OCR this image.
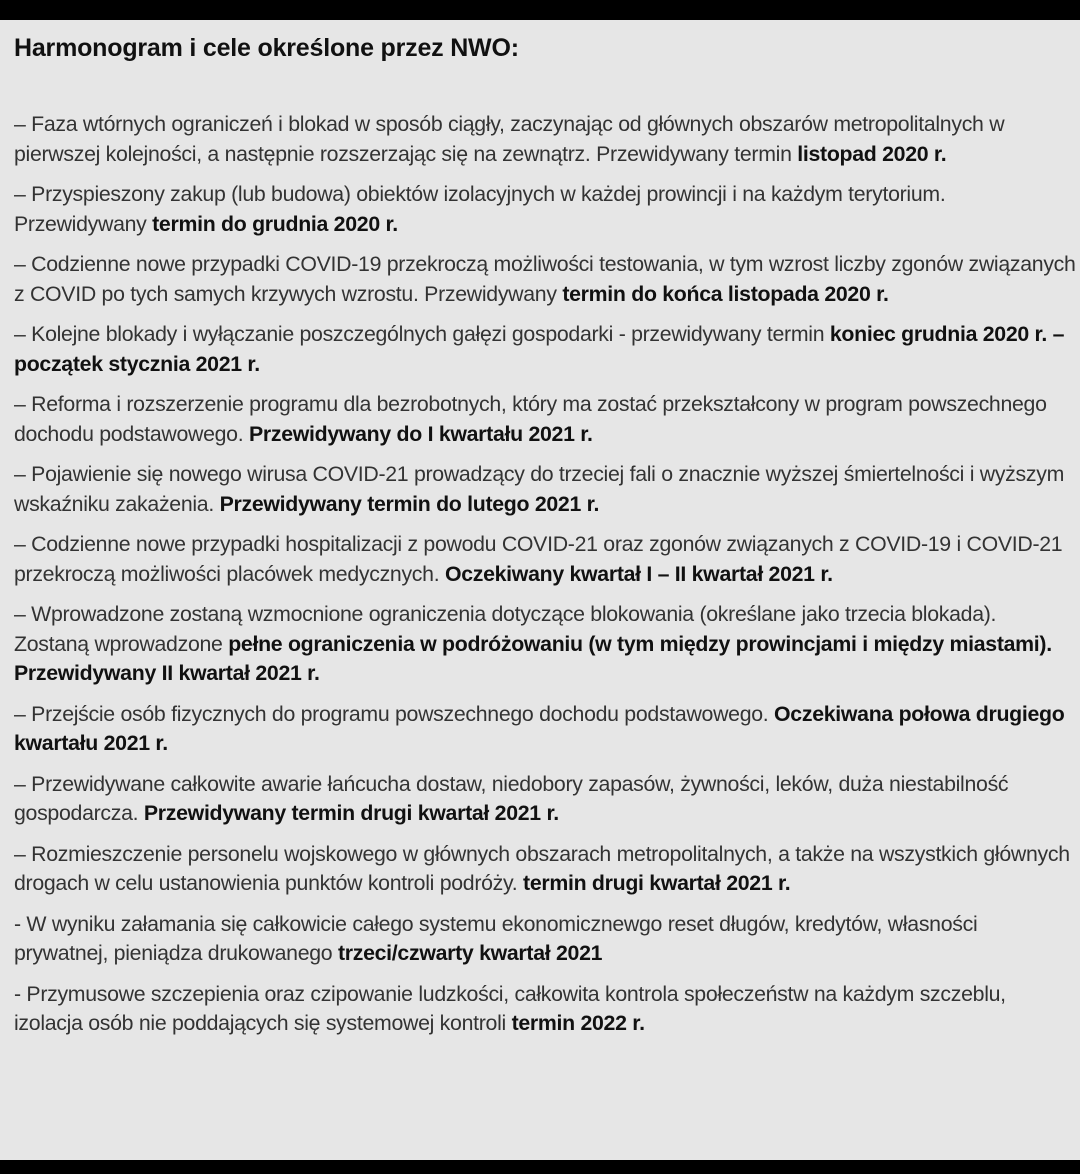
Harmonogram i cele określone przez NWO:

– Faza wtórnych ograniczeń i blokad w sposób ciągły, zaczynając od głównych obszarów metropolitalnych w pierwszej kolejności, a następnie rozszerzając się na zewnątrz. Przewidywany termin listopad 2020 r.

– Przyspieszony zakup (lub budowa) obiektów izolacyjnych w każdej prowincji i na każdym terytorium. Przewidywany termin do grudnia 2020 r.

– Codzienne nowe przypadki COVID-19 przekroczą możliwości testowania, w tym wzrost liczby zgonów związanych z COVID po tych samych krzywych wzrostu. Przewidywany termin do końca listopada 2020 r.

– Kolejne blokady i wyłączanie poszczególnych gałęzi gospodarki - przewidywany termin koniec grudnia 2020 r. – początek stycznia 2021 r.

– Reforma i rozszerzenie programu dla bezrobotnych, który ma zostać przekształcony w program powszechnego dochodu podstawowego. Przewidywany do I kwartału 2021 r.

– Pojawienie się nowego wirusa COVID-21 prowadzący do trzeciej fali o znacznie wyższej śmiertelności i wyższym wskaźniku zakażenia. Przewidywany termin do lutego 2021 r.

– Codzienne nowe przypadki hospitalizacji z powodu COVID-21 oraz zgonów związanych z COVID-19 i COVID-21 przekroczą możliwości placówek medycznych. Oczekiwany kwartał I – II kwartał 2021 r.

– Wprowadzone zostaną wzmocnione ograniczenia dotyczące blokowania (określane jako trzecia blokada). Zostaną wprowadzone pełne ograniczenia w podróżowaniu (w tym między prowincjami i między miastami). Przewidywany II kwartał 2021 r.

– Przejście osób fizycznych do programu powszechnego dochodu podstawowego. Oczekiwana połowa drugiego kwartału 2021 r.

– Przewidywane całkowite awarie łańcucha dostaw, niedobory zapasów, żywności, leków, duża niestabilność gospodarcza. Przewidywany termin drugi kwartał 2021 r.

– Rozmieszczenie personelu wojskowego w głównych obszarach metropolitalnych, a także na wszystkich głównych drogach w celu ustanowienia punktów kontroli podróży. termin drugi kwartał 2021 r.

- W wyniku załamania się całkowicie całego systemu ekonomicznewgo reset długów, kredytów, własności prywatnej, pieniądza drukowanego trzeci/czwarty kwartał 2021

- Przymusowe szczepienia oraz czipowanie ludzkości, całkowita kontrola społeczeństw na każdym szczeblu, izolacja osób nie poddających się systemowej kontroli termin 2022 r.
